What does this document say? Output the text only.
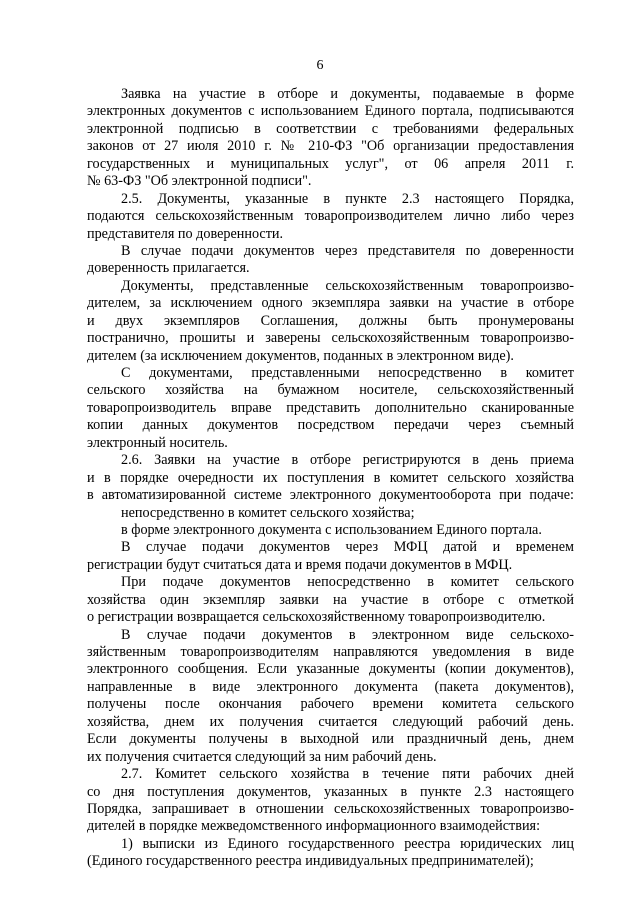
6
Заявка на участие в отборе и документы, подаваемые в форме
электронных документов с использованием Единого портала, подписываются
электронной подписью в соответствии с требованиями федеральных
законов от 27 июля 2010 г. № 210-ФЗ "Об организации предоставления
государственных и муниципальных услуг", от 06 апреля 2011 г.
№ 63-ФЗ "Об электронной подписи".
2.5. Документы, указанные в пункте 2.3 настоящего Порядка,
подаются сельскохозяйственным товаропроизводителем лично либо через
представителя по доверенности.
В случае подачи документов через представителя по доверенности
доверенность прилагается.
Документы, представленные сельскохозяйственным товаропроизво-
дителем, за исключением одного экземпляра заявки на участие в отборе
и двух экземпляров Соглашения, должны быть пронумерованы
постранично, прошиты и заверены сельскохозяйственным товаропроизво-
дителем (за исключением документов, поданных в электронном виде).
С документами, представленными непосредственно в комитет
сельского хозяйства на бумажном носителе, сельскохозяйственный
товаропроизводитель вправе представить дополнительно сканированные
копии данных документов посредством передачи через съемный
электронный носитель.
2.6. Заявки на участие в отборе регистрируются в день приема
и в порядке очередности их поступления в комитет сельского хозяйства
в автоматизированной системе электронного документооборота при подаче:
непосредственно в комитет сельского хозяйства;
в форме электронного документа с использованием Единого портала.
В случае подачи документов через МФЦ датой и временем
регистрации будут считаться дата и время подачи документов в МФЦ.
При подаче документов непосредственно в комитет сельского
хозяйства один экземпляр заявки на участие в отборе с отметкой
о регистрации возвращается сельскохозяйственному товаропроизводителю.
В случае подачи документов в электронном виде сельскохо-
зяйственным товаропроизводителям направляются уведомления в виде
электронного сообщения. Если указанные документы (копии документов),
направленные в виде электронного документа (пакета документов),
получены после окончания рабочего времени комитета сельского
хозяйства, днем их получения считается следующий рабочий день.
Если документы получены в выходной или праздничный день, днем
их получения считается следующий за ним рабочий день.
2.7. Комитет сельского хозяйства в течение пяти рабочих дней
со дня поступления документов, указанных в пункте 2.3 настоящего
Порядка, запрашивает в отношении сельскохозяйственных товаропроизво-
дителей в порядке межведомственного информационного взаимодействия:
1) выписки из Единого государственного реестра юридических лиц
(Единого государственного реестра индивидуальных предпринимателей);
